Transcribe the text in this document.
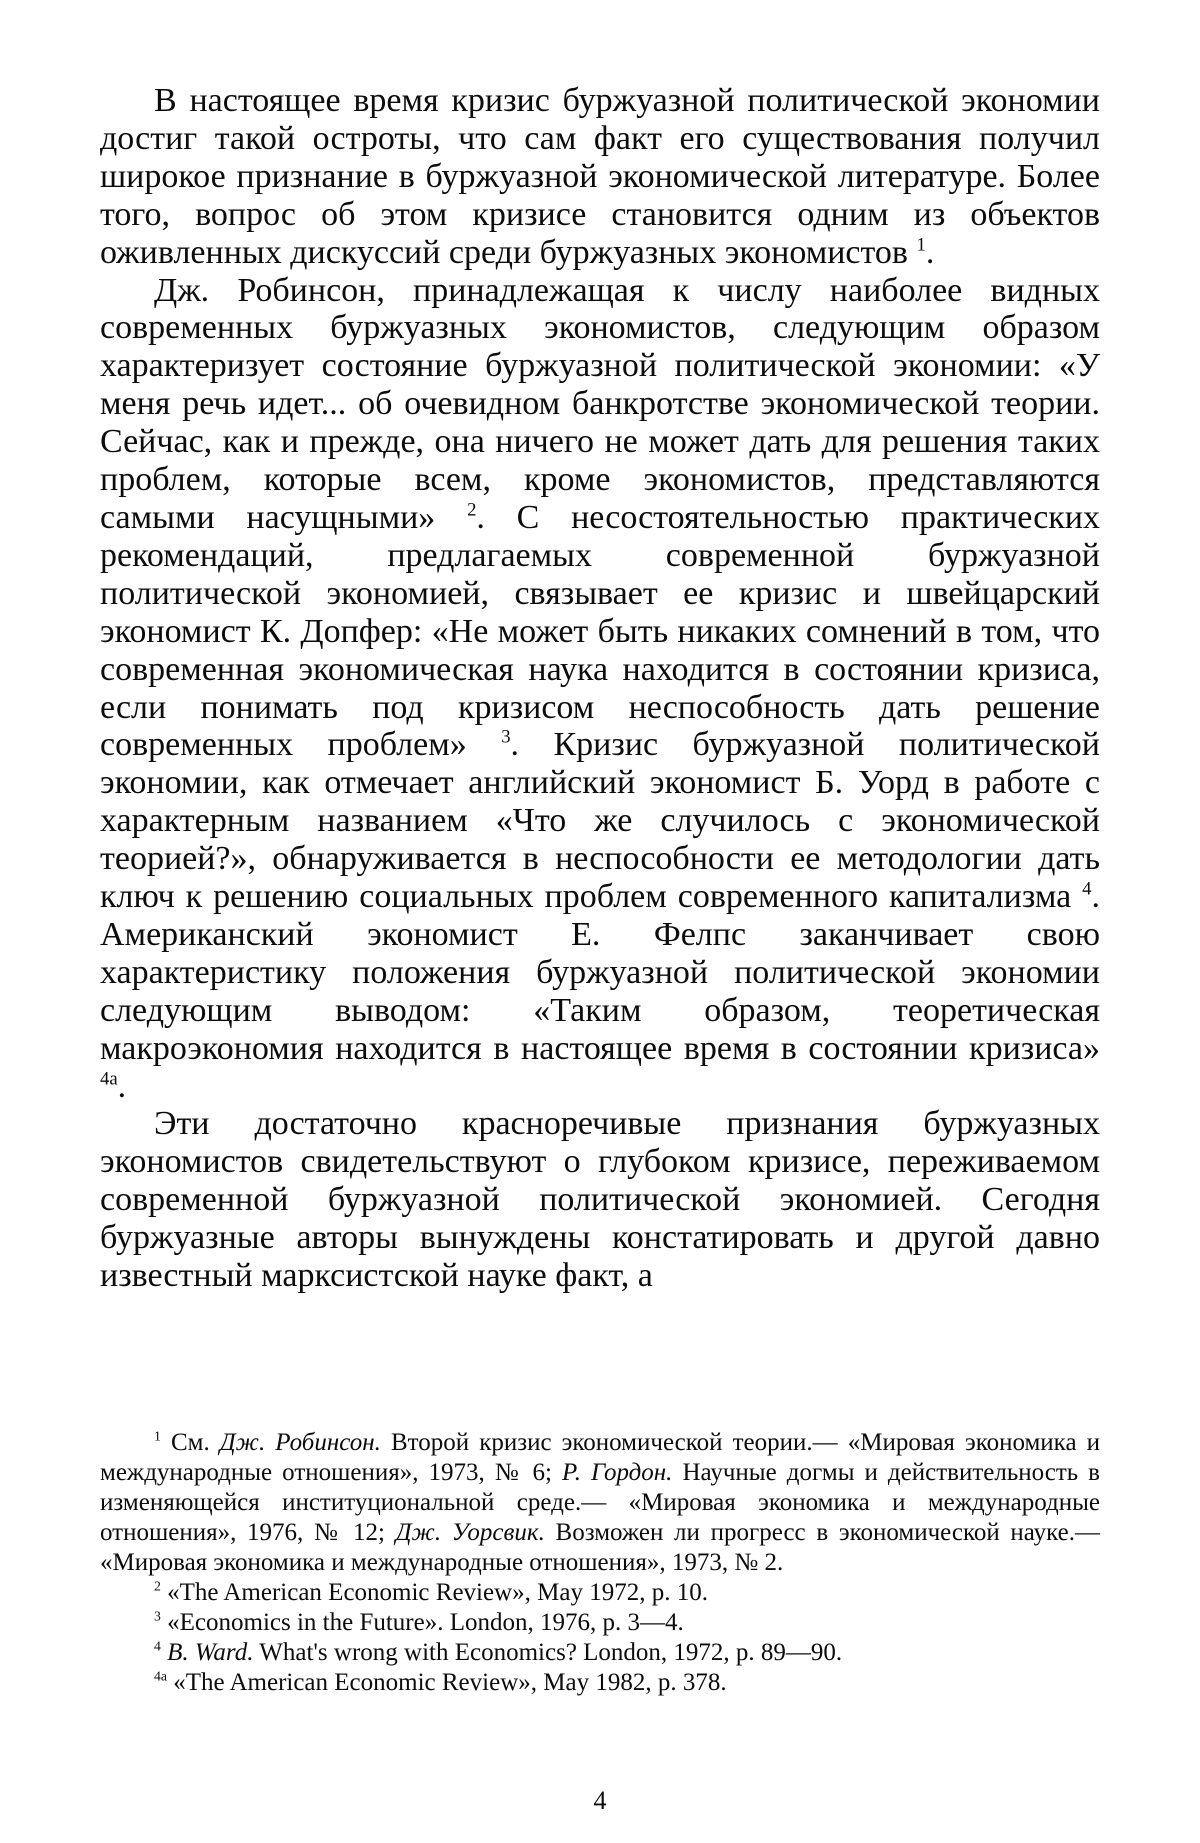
В настоящее время кризис буржуазной политической экономии достиг такой остроты, что сам факт его существования получил широкое признание в буржуазной экономической литературе. Более того, вопрос об этом кризисе становится одним из объектов оживленных дискуссий среди буржуазных экономистов $^1$.

Дж. Робинсон, принадлежащая к числу наиболее видных современных буржуазных экономистов, следующим образом характеризует состояние буржуазной политической экономии: «У меня речь идет... об очевидном банкротстве экономической теории. Сейчас, как и прежде, она ничего не может дать для решения таких проблем, которые всем, кроме экономистов, представляются самыми насущными» $^2$. С несостоятельностью практических рекомендаций, предлагаемых современной буржуазной политической экономией, связывает ее кризис и швейцарский экономист К. Допфер: «Не может быть никаких сомнений в том, что современная экономическая наука находится в состоянии кризиса, если понимать под кризисом неспособность дать решение современных проблем» $^3$. Кризис буржуазной политической экономии, как отмечает английский экономист Б. Уорд в работе с характерным названием «Что же случилось с экономической теорией?», обнаруживается в неспособности ее методологии дать ключ к решению социальных проблем современного капитализма $^4$. Американский экономист Е. Фелпс заканчивает свою характеристику положения буржуазной политической экономии следующим выводом: «Таким образом, теоретическая макроэкономия находится в настоящее время в состоянии кризиса» $^{4а}$.

Эти достаточно красноречивые признания буржуазных экономистов свидетельствуют о глубоком кризисе, переживаемом современной буржуазной политической экономией. Сегодня буржуазные авторы вынуждены констатировать и другой давно известный марксистской науке факт, а

$^1$ См. Дж. Робинсон. Второй кризис экономической теории.— «Мировая экономика и международные отношения», 1973, № 6; Р. Гордон. Научные догмы и действительность в изменяющейся институциональной среде.— «Мировая экономика и международные отношения», 1976, № 12; Дж. Уорсвик. Возможен ли прогресс в экономической науке.— «Мировая экономика и международные отношения», 1973, № 2.

$^2$ «The American Economic Review», May 1972, p. 10.

$^3$ «Economics in the Future». London, 1976, p. 3—4.

$^4$ B. Ward. What's wrong with Economics? London, 1972, p. 89—90.

$^{4а}$ «The American Economic Review», May 1982, p. 378.

4
